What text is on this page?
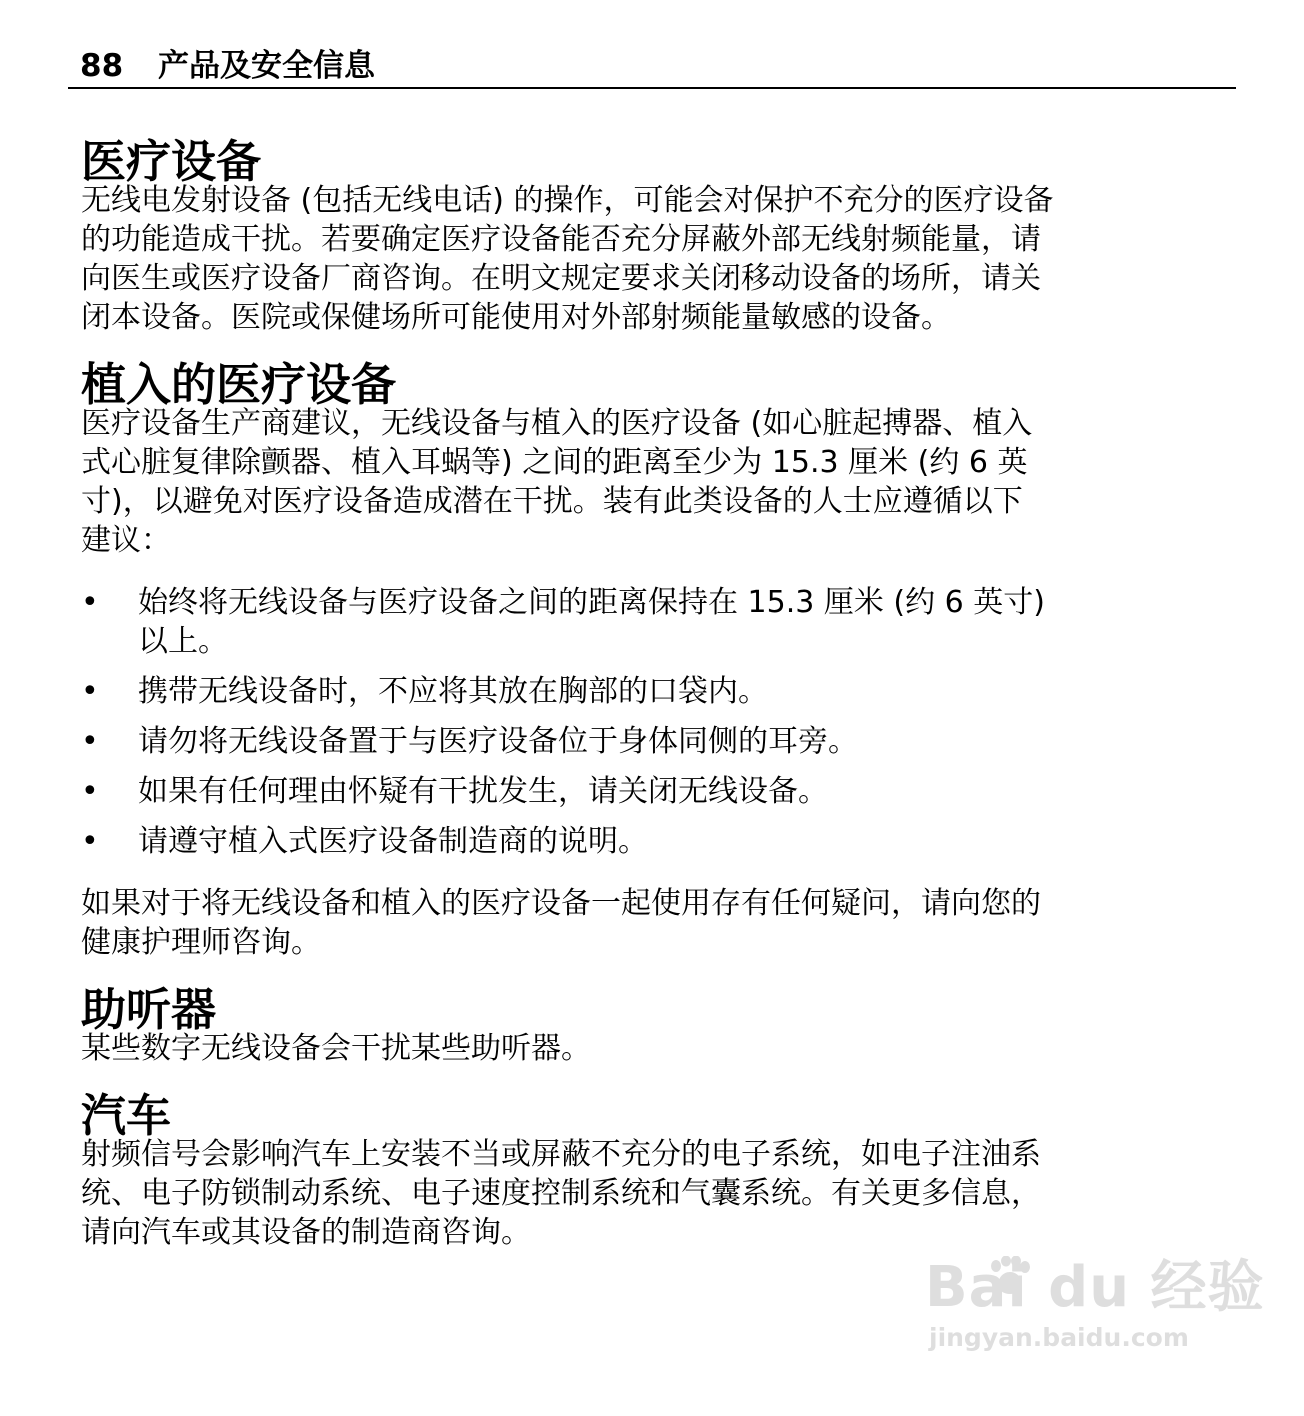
88 产品及安全信息
医疗设备
无线电发射设备 (包括无线电话) 的操作，可能会对保护不充分的医疗设备
的功能造成干扰。若要确定医疗设备能否充分屏蔽外部无线射频能量，请
向医生或医疗设备厂商咨询。在明文规定要求关闭移动设备的场所，请关
闭本设备。医院或保健场所可能使用对外部射频能量敏感的设备。
植入的医疗设备
医疗设备生产商建议，无线设备与植入的医疗设备 (如心脏起搏器、植入
式心脏复律除颤器、植入耳蜗等) 之间的距离至少为 15.3 厘米 (约 6 英
寸)，以避免对医疗设备造成潜在干扰。装有此类设备的人士应遵循以下
建议：
• 始终将无线设备与医疗设备之间的距离保持在 15.3 厘米 (约 6 英寸)
以上。
• 携带无线设备时，不应将其放在胸部的口袋内。
• 请勿将无线设备置于与医疗设备位于身体同侧的耳旁。
• 如果有任何理由怀疑有干扰发生，请关闭无线设备。
• 请遵守植入式医疗设备制造商的说明。
如果对于将无线设备和植入的医疗设备一起使用存有任何疑问，请向您的
健康护理师咨询。
助听器
某些数字无线设备会干扰某些助听器。
汽车
射频信号会影响汽车上安装不当或屏蔽不充分的电子系统，如电子注油系
统、电子防锁制动系统、电子速度控制系统和气囊系统。有关更多信息，
请向汽车或其设备的制造商咨询。
Bai du 经验
jingyan.baidu.com
